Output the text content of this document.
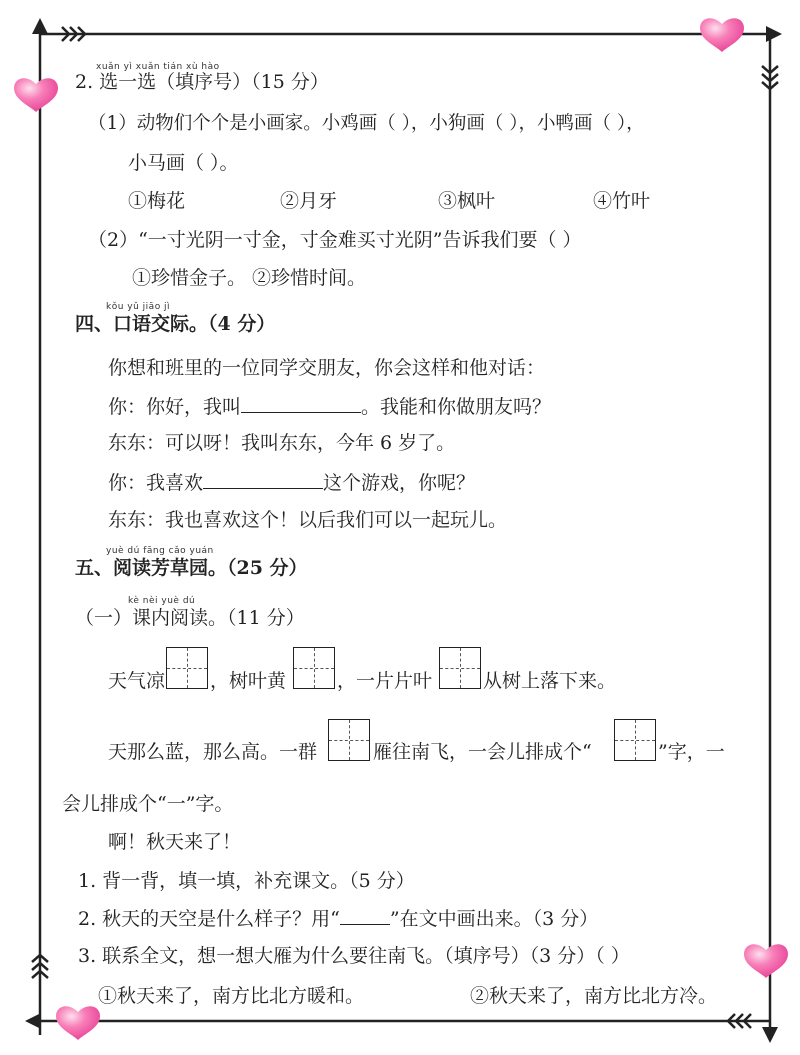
xuǎn yì xuǎn tián xù hào
2. 选一选（填序号）（15 分）
（1）动物们个个是小画家。小鸡画（ ），小狗画（ ），小鸭画（ ），
小马画（ ）。
①梅花	②月牙	③枫叶	④竹叶
（2）“一寸光阴一寸金，寸金难买寸光阴”告诉我们要（ ）
①珍惜金子。 ②珍惜时间。
kǒu yǔ jiāo jì
四、口语交际。（4 分）
你想和班里的一位同学交朋友，你会这样和他对话：
你：你好，我叫	。我能和你做朋友吗？
东东：可以呀！我叫东东，今年 6 岁了。
你：我喜欢	这个游戏，你呢？
东东：我也喜欢这个！以后我们可以一起玩儿。
yuè dú fāng cǎo yuán
五、阅读芳草园。（25 分）
kè nèi yuè dú
（一）课内阅读。（11 分）
天气凉 ，树叶黄	，一片片叶	从树上落下来。
天那么蓝，那么高。一群	雁往南飞，一会儿排成个“	”字，一
会儿排成个“一”字。
啊！秋天来了！
1. 背一背，填一填，补充课文。（5 分）
2. 秋天的天空是什么样子？用“	”在文中画出来。（3 分）
3. 联系全文，想一想大雁为什么要往南飞。（填序号）（3 分）（ ）
①秋天来了，南方比北方暖和。	②秋天来了，南方比北方冷。
